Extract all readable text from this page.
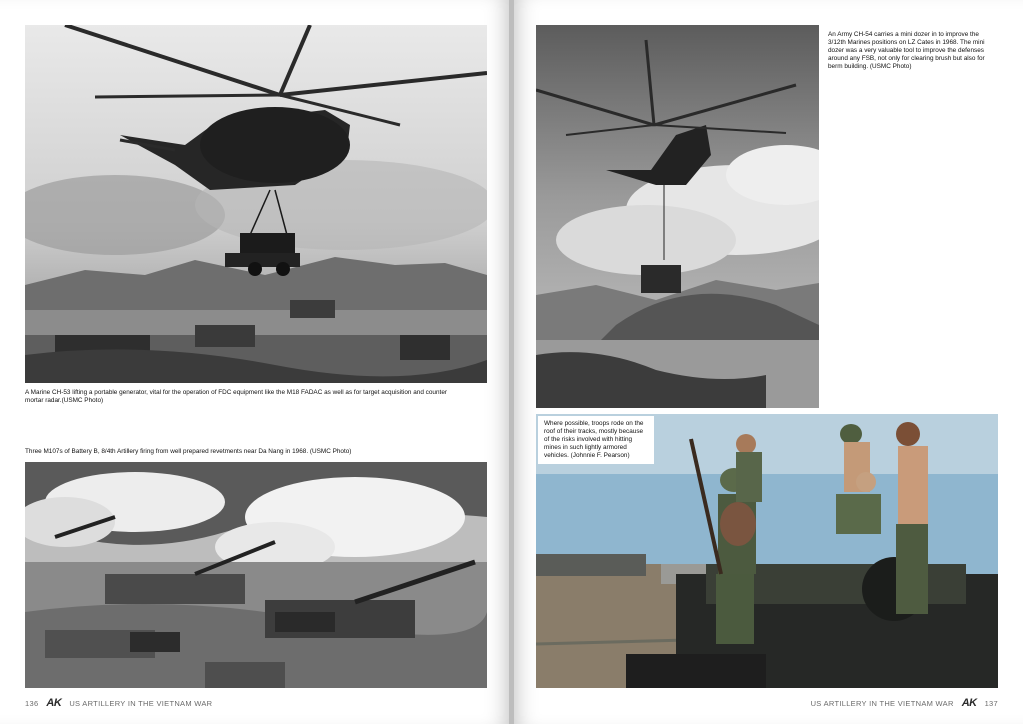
A Marine CH-53 lifting a portable generator, vital for the operation of FDC equipment like the M18 FADAC as well as for target acquisition and counter mortar radar.(USMC Photo)
Three M107s of Battery B, 8/4th Artillery firing from well prepared revetments near Da Nang in 1968. (USMC Photo)
136 AK US ARTILLERY IN THE VIETNAM WAR
An Army CH-54 carries a mini dozer in to improve the 3/12th Marines positions on LZ Cates in 1968. The mini dozer was a very valuable tool to improve the defenses around any FSB, not only for clearing brush but also for berm building. (USMC Photo)
Where possible, troops rode on the roof of their tracks, mostly because of the risks involved with hitting mines in such lightly armored vehicles. (Johnnie F. Pearson)
US ARTILLERY IN THE VIETNAM WAR AK 137
